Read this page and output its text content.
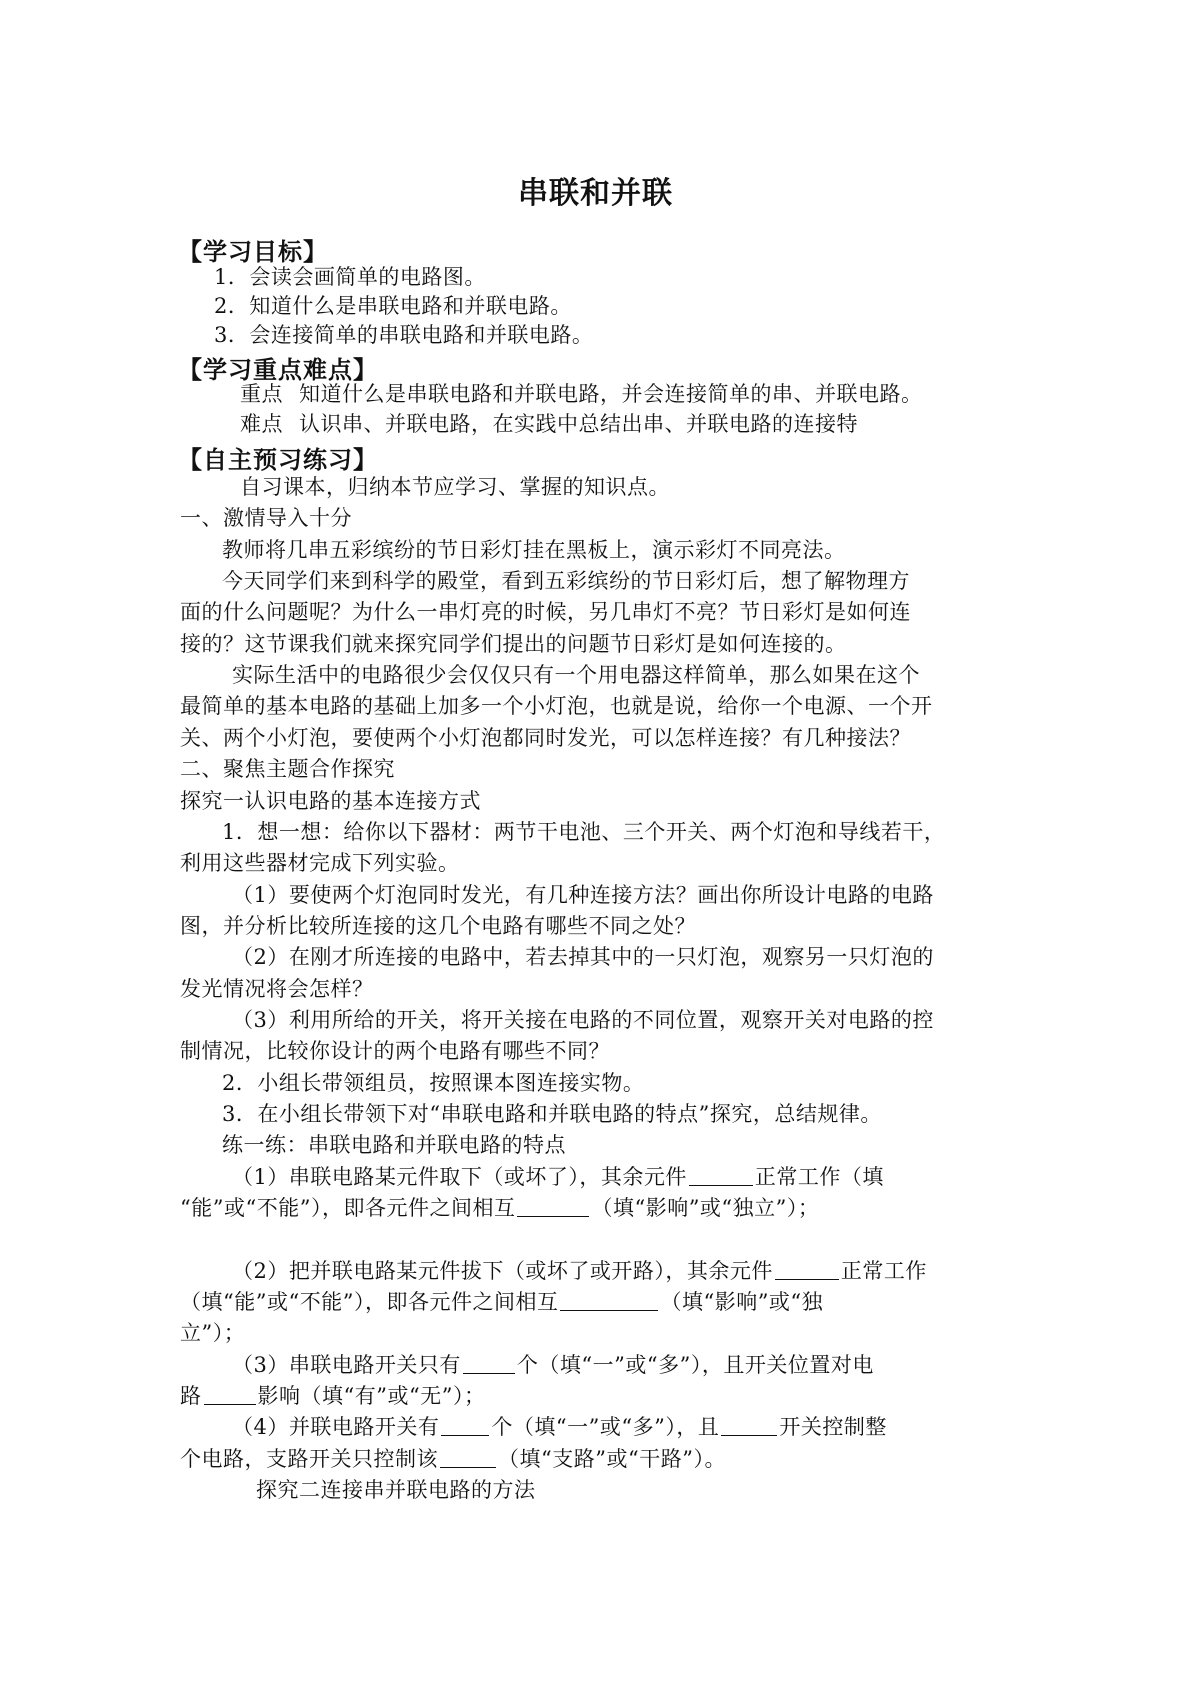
串联和并联
【学习目标】
1．会读会画简单的电路图。
2．知道什么是串联电路和并联电路。
3．会连接简单的串联电路和并联电路。
【学习重点难点】
重点 知道什么是串联电路和并联电路，并会连接简单的串、并联电路。
难点 认识串、并联电路，在实践中总结出串、并联电路的连接特
【自主预习练习】
自习课本，归纳本节应学习、掌握的知识点。
一、激情导入十分
教师将几串五彩缤纷的节日彩灯挂在黑板上，演示彩灯不同亮法。
今天同学们来到科学的殿堂，看到五彩缤纷的节日彩灯后，想了解物理方
面的什么问题呢？为什么一串灯亮的时候，另几串灯不亮？节日彩灯是如何连
接的？这节课我们就来探究同学们提出的问题节日彩灯是如何连接的。
实际生活中的电路很少会仅仅只有一个用电器这样简单，那么如果在这个
最简单的基本电路的基础上加多一个小灯泡，也就是说，给你一个电源、一个开
关、两个小灯泡，要使两个小灯泡都同时发光，可以怎样连接？有几种接法？
二、聚焦主题合作探究
探究一认识电路的基本连接方式
1．想一想：给你以下器材：两节干电池、三个开关、两个灯泡和导线若干，
利用这些器材完成下列实验。
（1）要使两个灯泡同时发光，有几种连接方法？画出你所设计电路的电路
图，并分析比较所连接的这几个电路有哪些不同之处？
（2）在刚才所连接的电路中，若去掉其中的一只灯泡，观察另一只灯泡的
发光情况将会怎样？
（3）利用所给的开关，将开关接在电路的不同位置，观察开关对电路的控
制情况，比较你设计的两个电路有哪些不同？
2．小组长带领组员，按照课本图连接实物。
3．在小组长带领下对“串联电路和并联电路的特点”探究，总结规律。
练一练：串联电路和并联电路的特点
（1）串联电路某元件取下（或坏了），其余元件	正常工作（填
“能”或“不能”），即各元件之间相互	（填“影响”或“独立”）；
（2）把并联电路某元件拔下（或坏了或开路），其余元件	正常工作
（填“能”或“不能”），即各元件之间相互	（填“影响”或“独
立”）；
（3）串联电路开关只有	个（填“一”或“多”），且开关位置对电
路	影响（填“有”或“无”）；
（4）并联电路开关有 个（填“一”或“多”），且	开关控制整
个电路，支路开关只控制该	（填“支路”或“干路”）。
探究二连接串并联电路的方法
